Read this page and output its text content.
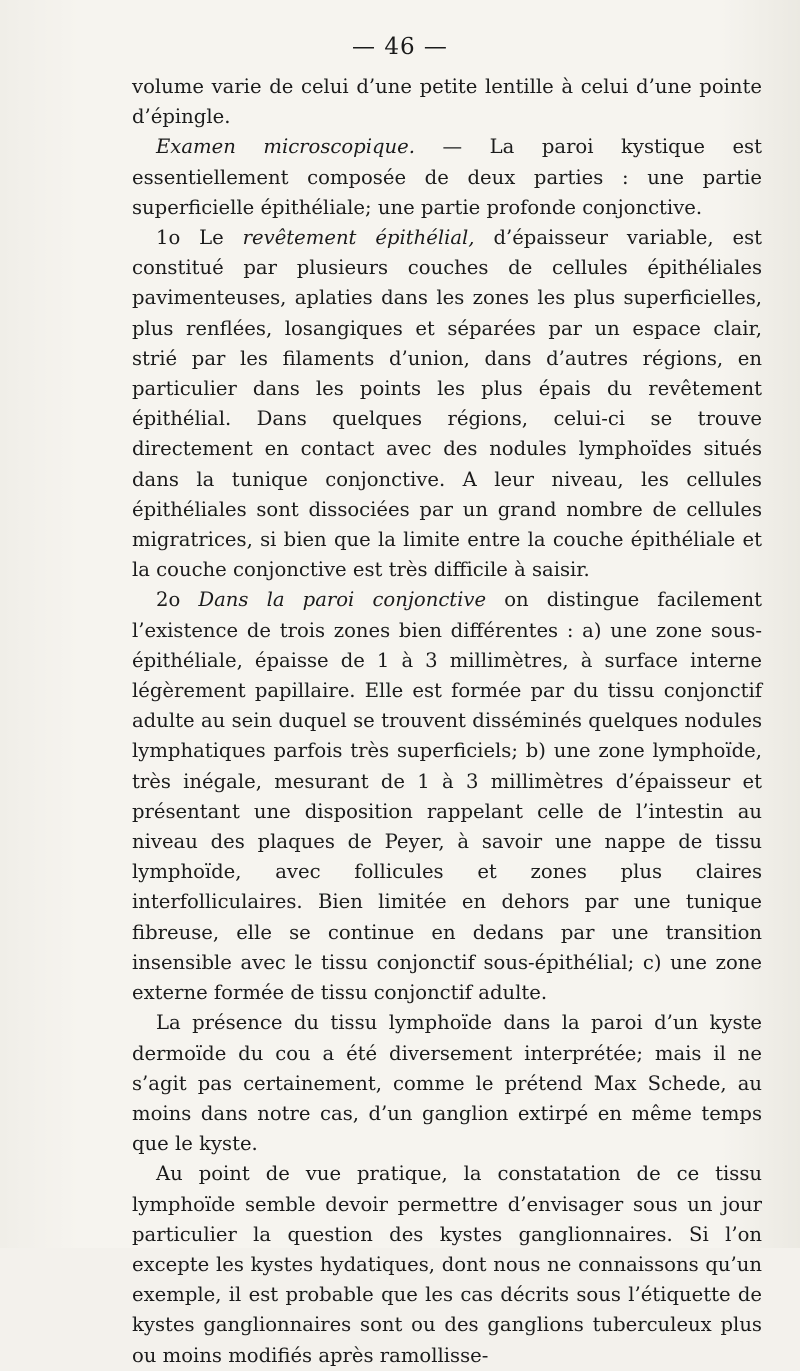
— 46 —

volume varie de celui d’une petite lentille à celui d’une pointe d’épingle.

Examen microscopique. — La paroi kystique est essentiellement composée de deux parties : une partie superficielle épithéliale; une partie profonde conjonctive.

1o Le revêtement épithélial, d’épaisseur variable, est constitué par plusieurs couches de cellules épithéliales pavimenteuses, aplaties dans les zones les plus superficielles, plus renflées, losangiques et séparées par un espace clair, strié par les filaments d’union, dans d’autres régions, en particulier dans les points les plus épais du revêtement épithélial. Dans quelques régions, celui-ci se trouve directement en contact avec des nodules lymphoïdes situés dans la tunique conjonctive. A leur niveau, les cellules épithéliales sont dissociées par un grand nombre de cellules migratrices, si bien que la limite entre la couche épithéliale et la couche conjonctive est très difficile à saisir.

2o Dans la paroi conjonctive on distingue facilement l’existence de trois zones bien différentes : a) une zone sous-épithéliale, épaisse de 1 à 3 millimètres, à surface interne légèrement papillaire. Elle est formée par du tissu conjonctif adulte au sein duquel se trouvent disséminés quelques nodules lymphatiques parfois très superficiels; b) une zone lymphoïde, très inégale, mesurant de 1 à 3 millimètres d’épaisseur et présentant une disposition rappelant celle de l’intestin au niveau des plaques de Peyer, à savoir une nappe de tissu lymphoïde, avec follicules et zones plus claires interfolliculaires. Bien limitée en dehors par une tunique fibreuse, elle se continue en dedans par une transition insensible avec le tissu conjonctif sous-épithélial; c) une zone externe formée de tissu conjonctif adulte.

La présence du tissu lymphoïde dans la paroi d’un kyste dermoïde du cou a été diversement interprétée; mais il ne s’agit pas certainement, comme le prétend Max Schede, au moins dans notre cas, d’un ganglion extirpé en même temps que le kyste.

Au point de vue pratique, la constatation de ce tissu lymphoïde semble devoir permettre d’envisager sous un jour particulier la question des kystes ganglionnaires. Si l’on excepte les kystes hydatiques, dont nous ne connaissons qu’un exemple, il est probable que les cas décrits sous l’étiquette de kystes ganglionnaires sont ou des ganglions tuberculeux plus ou moins modifiés après ramollisse-
